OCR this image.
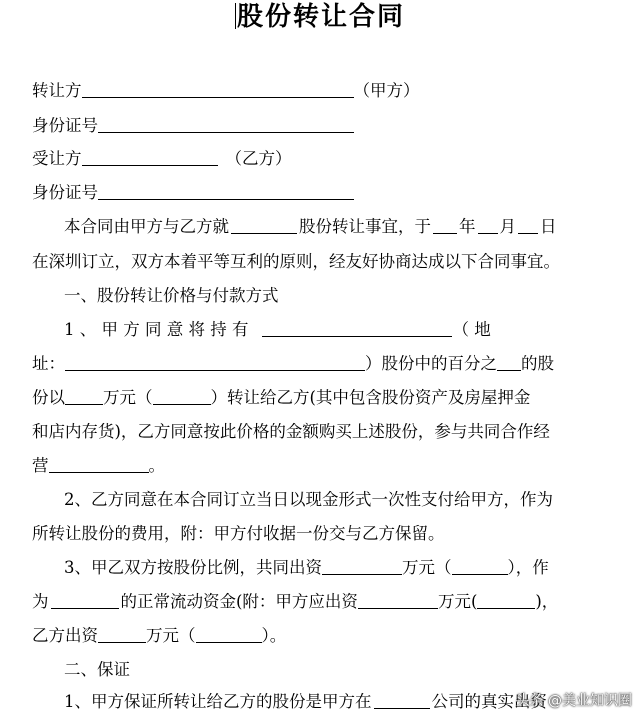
股份转让合同
转让方	（甲方）
身份证号
受让方	（乙方）
身份证号
本合同由甲方与乙方就	股份转让事宜，于 年 月 日
在深圳订立，双方本着平等互利的原则，经友好协商达成以下合同事宜。
一、股份转让价格与付款方式
1 、 甲 方 同 意 将 持 有	（ 地
址：	）股份中的百分之 的股
份以 万元（	）转让给乙方(其中包含股份资产及房屋押金
和店内存货)，乙方同意按此价格的金额购买上述股份，参与共同合作经
营	。
2、乙方同意在本合同订立当日以现金形式一次性支付给甲方，作为
所转让股份的费用，附：甲方付收据一份交与乙方保留。
3、甲乙双方按股份比例，共同出资	万元（	），作
为	的正常流动资金(附：甲方应出资	万元(	)，
乙方出资	万元（	）。
二、保证
1、甲方保证所转让给乙方的股份是甲方在	公司的真实出资
头条 @美业知识圈
